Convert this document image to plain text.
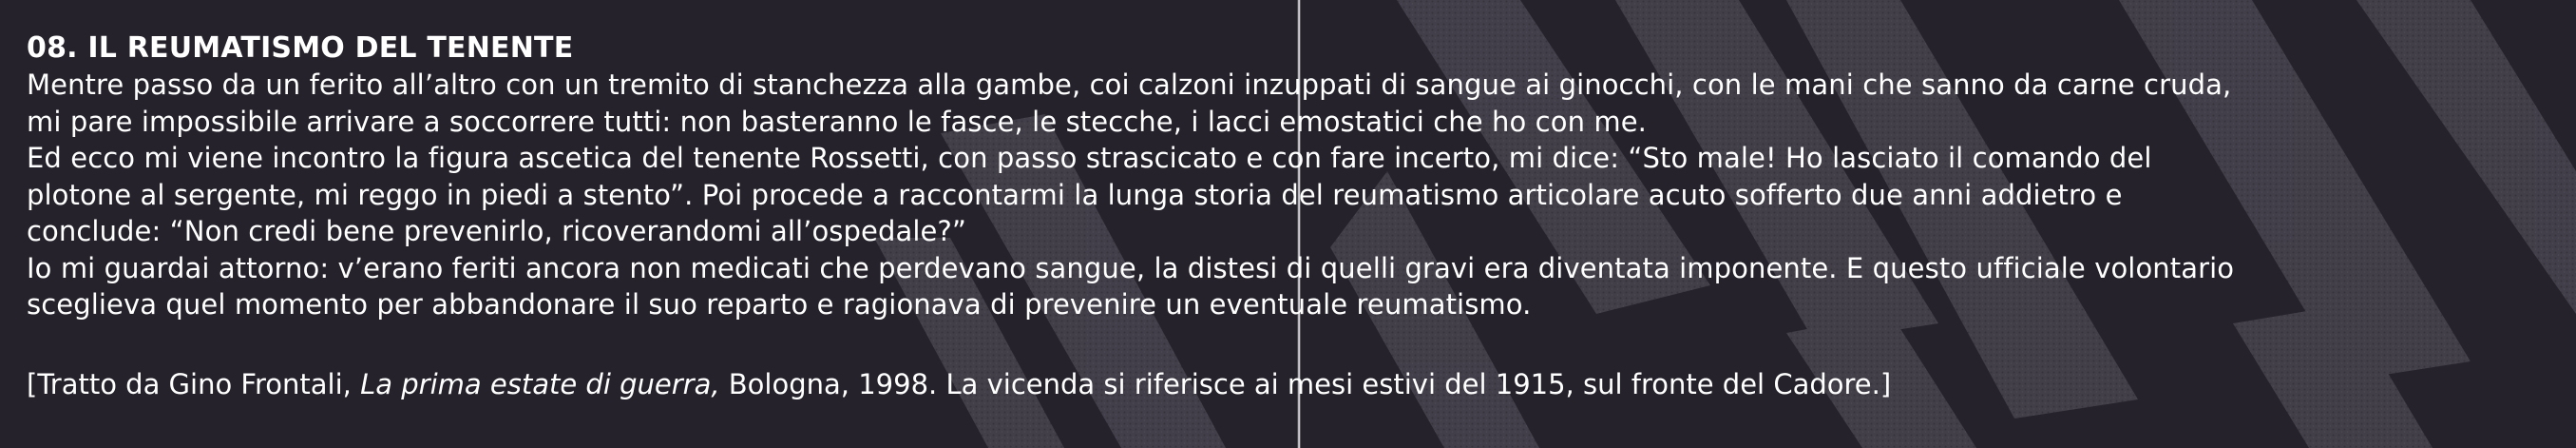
08. IL REUMATISMO DEL TENENTE

Mentre passo da un ferito all’altro con un tremito di stanchezza alla gambe, coi calzoni inzuppati di sangue ai ginocchi, con le mani che sanno da carne cruda,

mi pare impossibile arrivare a soccorrere tutti: non basteranno le fasce, le stecche, i lacci emostatici che ho con me.

Ed ecco mi viene incontro la figura ascetica del tenente Rossetti, con passo strascicato e con fare incerto, mi dice: “Sto male! Ho lasciato il comando del

plotone al sergente, mi reggo in piedi a stento”. Poi procede a raccontarmi la lunga storia del reumatismo articolare acuto sofferto due anni addietro e

conclude: “Non credi bene prevenirlo, ricoverandomi all’ospedale?”

Io mi guardai attorno: v’erano feriti ancora non medicati che perdevano sangue, la distesi di quelli gravi era diventata imponente. E questo ufficiale volontario

sceglieva quel momento per abbandonare il suo reparto e ragionava di prevenire un eventuale reumatismo.

[Tratto da Gino Frontali, La prima estate di guerra, Bologna, 1998. La vicenda si riferisce ai mesi estivi del 1915, sul fronte del Cadore.]
